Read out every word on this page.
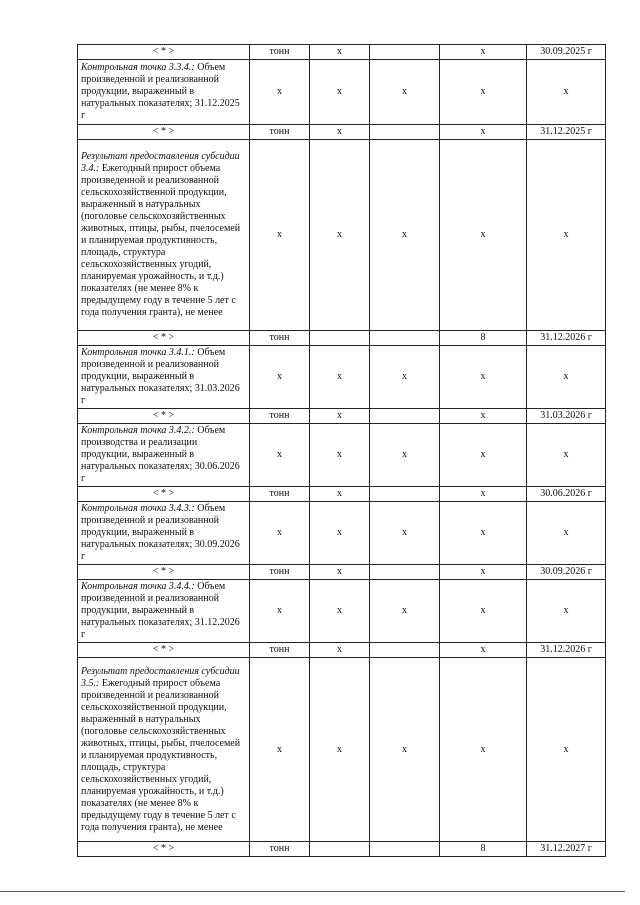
< * >	тонн	х		х	30.09.2025 г
Контрольная точка 3.3.4.: Объем произведенной и реализованной продукции, выраженный в натуральных показателях; 31.12.2025 г	х	х	х	х	х
< * >	тонн	х		х	31.12.2025 г
Результат предоставления субсидии 3.4.: Ежегодный прирост объема произведенной и реализованной сельскохозяйственной продукции, выраженный в натуральных (поголовье сельскохозяйственных животных, птицы, рыбы, пчелосемей и планируемая продуктивность, площадь, структура сельскохозяйственных угодий, планируемая урожайность, и т.д.) показателях (не менее 8% к предыдущему году в течение 5 лет с года получения гранта), не менее	х	х	х	х	х
< * >	тонн			8	31.12.2026 г
Контрольная точка 3.4.1.: Объем произведенной и реализованной продукции, выраженный в натуральных показателях; 31.03.2026 г	х	х	х	х	х
< * >	тонн	х		х	31.03.2026 г
Контрольная точка 3.4.2.: Объем производства и реализации продукции, выраженный в натуральных показателях; 30.06.2026 г	х	х	х	х	х
< * >	тонн	х		х	30.06.2026 г
Контрольная точка 3.4.3.: Объем произведенной и реализованной продукции, выраженный в натуральных показателях; 30.09.2026 г	х	х	х	х	х
< * >	тонн	х		х	30.09.2026 г
Контрольная точка 3.4.4.: Объем произведенной и реализованной продукции, выраженный в натуральных показателях; 31.12.2026 г	х	х	х	х	х
< * >	тонн	х		х	31.12.2026 г
Результат предоставления субсидии 3.5.: Ежегодный прирост объема произведенной и реализованной сельскохозяйственной продукции, выраженный в натуральных (поголовье сельскохозяйственных животных, птицы, рыбы, пчелосемей и планируемая продуктивность, площадь, структура сельскохозяйственных угодий, планируемая урожайность, и т.д.) показателях (не менее 8% к предыдущему году в течение 5 лет с года получения гранта), не менее	х	х	х	х	х
< * >	тонн			8	31.12.2027 г
